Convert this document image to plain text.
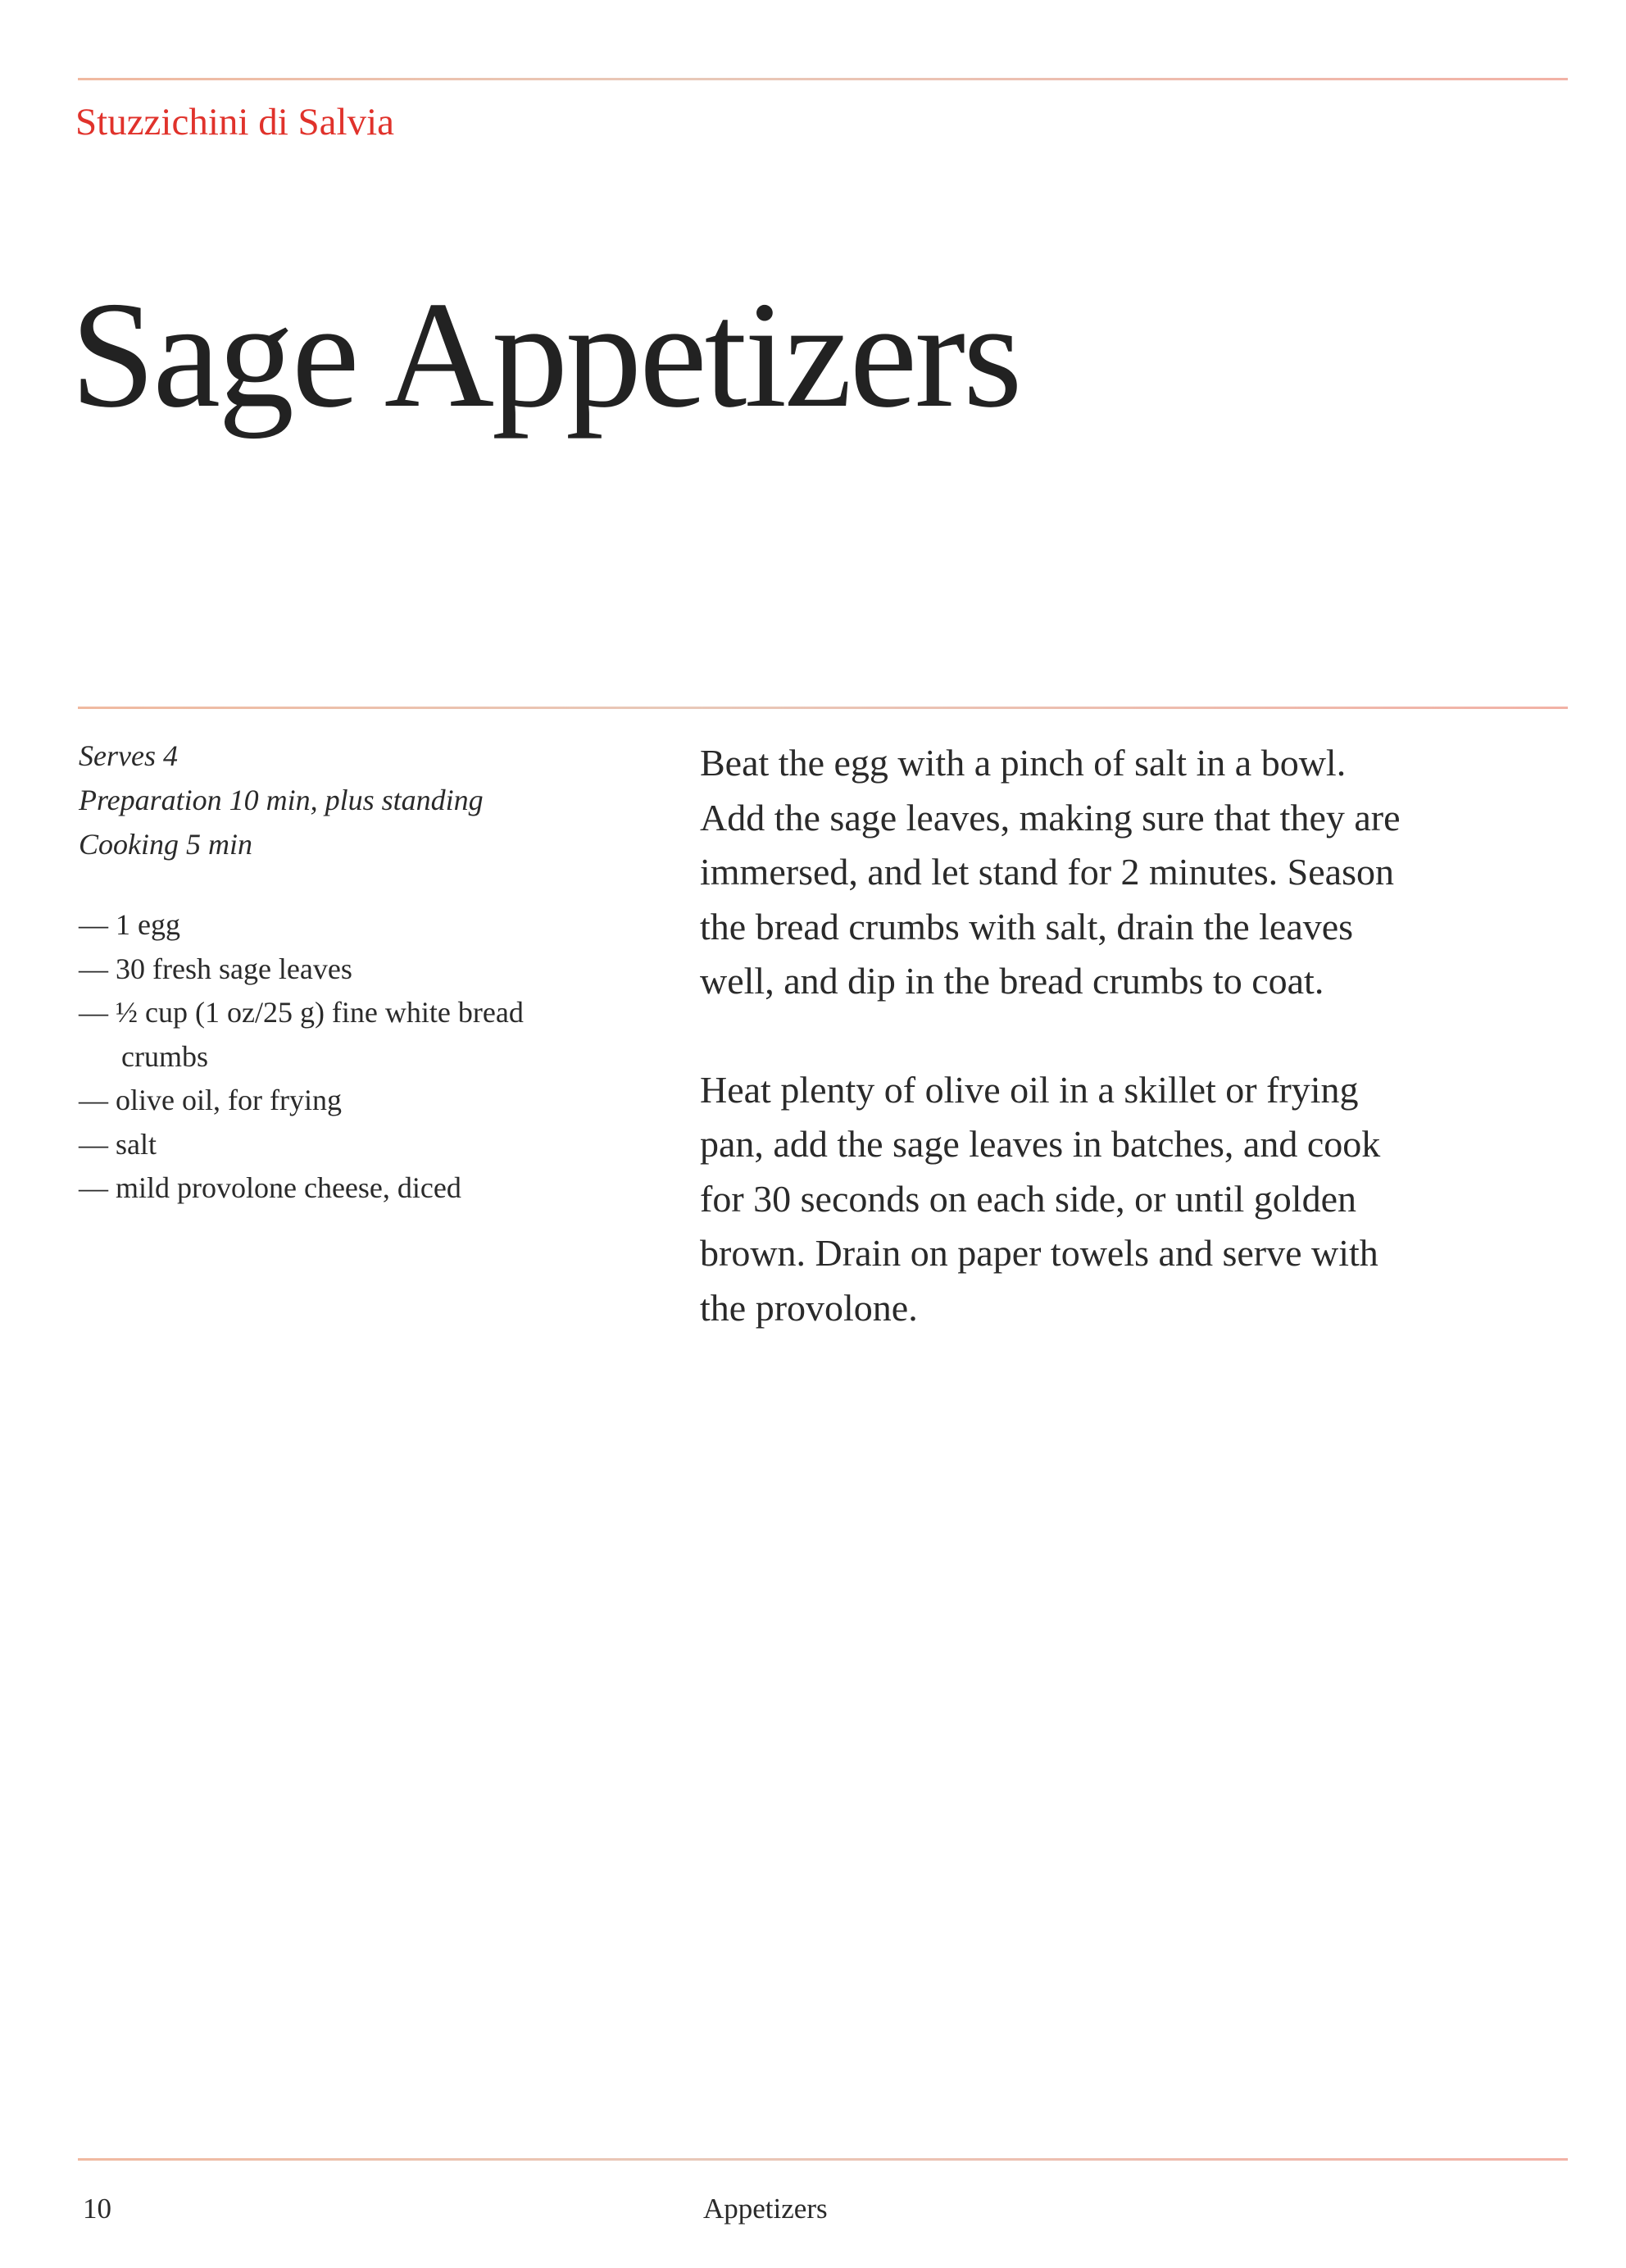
Stuzzichini di Salvia
Sage Appetizers
Serves 4
Preparation 10 min, plus standing
Cooking 5 min
— 1 egg
— 30 fresh sage leaves
— ½ cup (1 oz/25 g) fine white bread crumbs
— olive oil, for frying
— salt
— mild provolone cheese, diced

Beat the egg with a pinch of salt in a bowl.
Add the sage leaves, making sure that they are
immersed, and let stand for 2 minutes. Season
the bread crumbs with salt, drain the leaves
well, and dip in the bread crumbs to coat.

Heat plenty of olive oil in a skillet or frying
pan, add the sage leaves in batches, and cook
for 30 seconds on each side, or until golden
brown. Drain on paper towels and serve with
the provolone.

10	Appetizers
